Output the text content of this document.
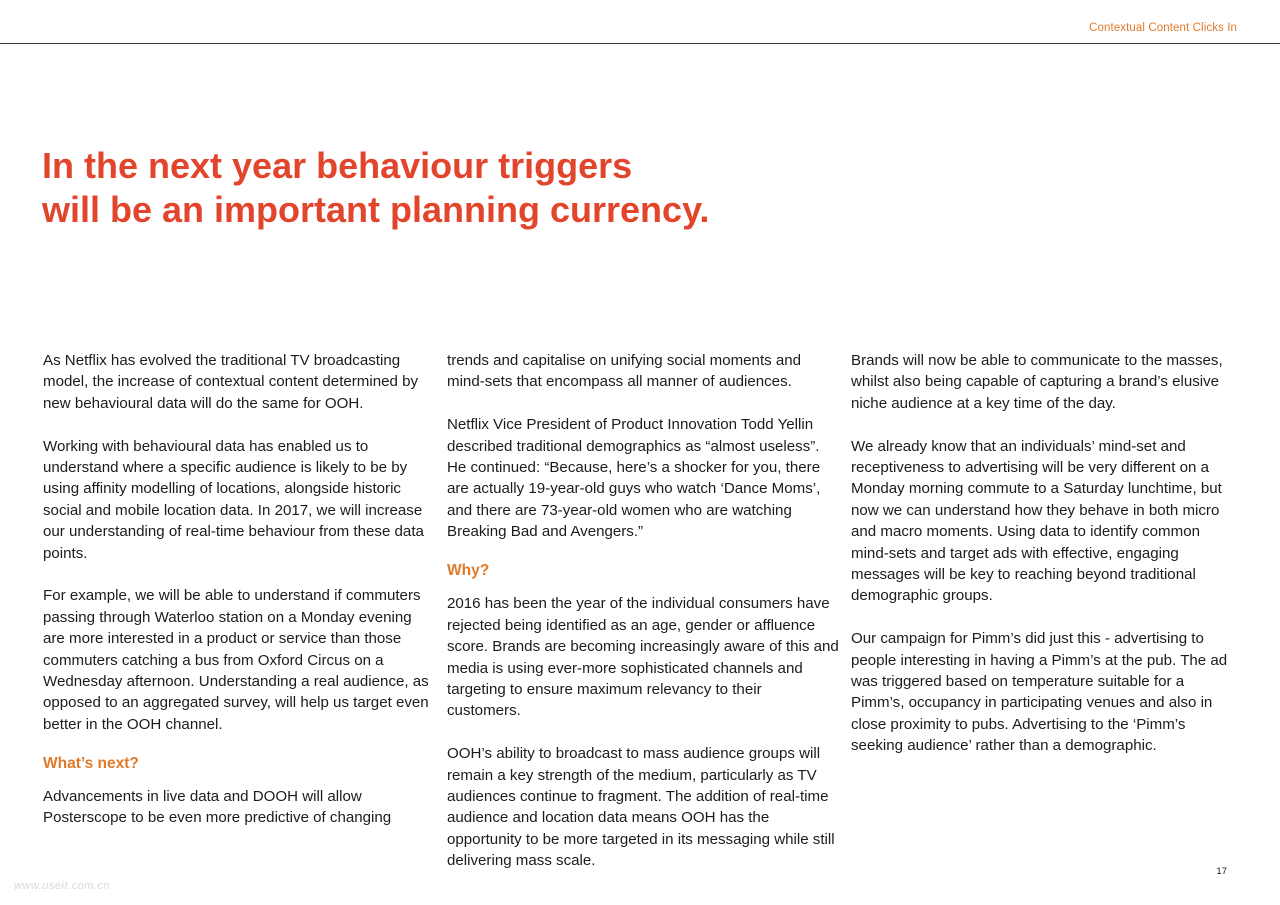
Contextual Content Clicks In
In the next year behaviour triggers
will be an important planning currency.

As Netflix has evolved the traditional TV broadcasting model, the increase of contextual content determined by new behavioural data will do the same for OOH.

Working with behavioural data has enabled us to understand where a specific audience is likely to be by using affinity modelling of locations, alongside historic social and mobile location data. In 2017, we will increase our understanding of real-time behaviour from these data points.

For example, we will be able to understand if commuters passing through Waterloo station on a Monday evening are more interested in a product or service than those commuters catching a bus from Oxford Circus on a Wednesday afternoon. Understanding a real audience, as opposed to an aggregated survey, will help us target even better in the OOH channel.

What’s next?

Advancements in live data and DOOH will allow Posterscope to be even more predictive of changing

trends and capitalise on unifying social moments and mind-sets that encompass all manner of audiences.

Netflix Vice President of Product Innovation Todd Yellin described traditional demographics as “almost useless”. He continued: “Because, here’s a shocker for you, there are actually 19-year-old guys who watch ‘Dance Moms’, and there are 73-year-old women who are watching Breaking Bad and Avengers.”

Why?

2016 has been the year of the individual consumers have rejected being identified as an age, gender or affluence score. Brands are becoming increasingly aware of this and media is using ever-more sophisticated channels and targeting to ensure maximum relevancy to their customers.

OOH’s ability to broadcast to mass audience groups will remain a key strength of the medium, particularly as TV audiences continue to fragment. The addition of real-time audience and location data means OOH has the opportunity to be more targeted in its messaging while still delivering mass scale.

Brands will now be able to communicate to the masses, whilst also being capable of capturing a brand’s elusive niche audience at a key time of the day.

We already know that an individuals’ mind-set and receptiveness to advertising will be very different on a Monday morning commute to a Saturday lunchtime, but now we can understand how they behave in both micro and macro moments. Using data to identify common mind-sets and target ads with effective, engaging messages will be key to reaching beyond traditional demographic groups.

Our campaign for Pimm’s did just this - advertising to people interesting in having a Pimm’s at the pub. The ad was triggered based on temperature suitable for a Pimm’s, occupancy in participating venues and also in close proximity to pubs. Advertising to the ‘Pimm’s seeking audience’ rather than a demographic.

17
www.useit.com.cn
